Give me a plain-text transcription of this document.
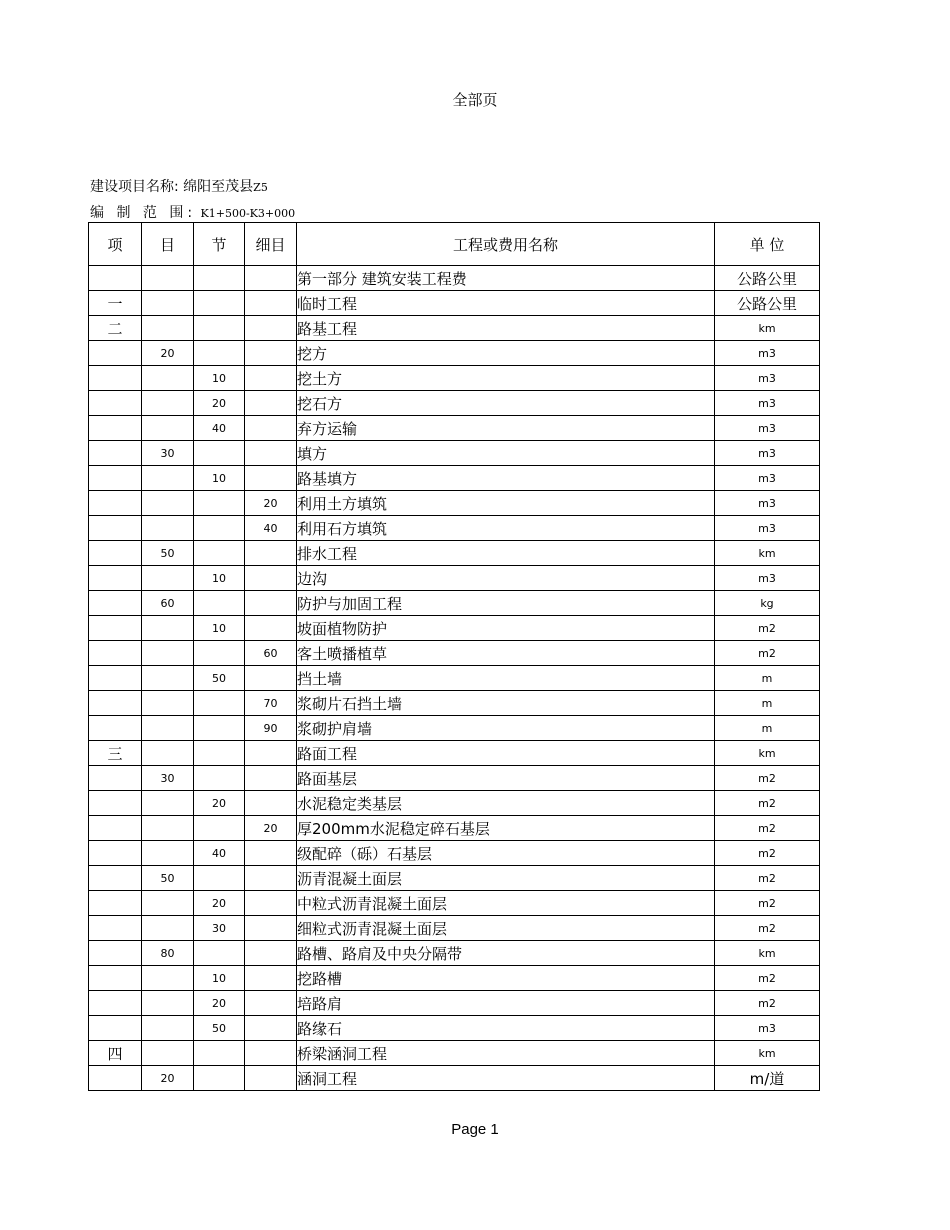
全部页
建设项目名称: 绵阳至茂县Z5
编 制 范 围: K1+500-K3+000
项	目	节	细目	工程或费用名称	单 位
				第一部分 建筑安装工程费	公路公里
一				临时工程	公路公里
二				路基工程	km
	20			挖方	m3
		10		挖土方	m3
		20		挖石方	m3
		40		弃方运输	m3
	30			填方	m3
		10		路基填方	m3
			20	利用土方填筑	m3
			40	利用石方填筑	m3
	50			排水工程	km
		10		边沟	m3
	60			防护与加固工程	kg
		10		坡面植物防护	m2
			60	客土喷播植草	m2
		50		挡土墙	m
			70	浆砌片石挡土墙	m
			90	浆砌护肩墙	m
三				路面工程	km
	30			路面基层	m2
		20		水泥稳定类基层	m2
			20	厚200mm水泥稳定碎石基层	m2
		40		级配碎（砾）石基层	m2
	50			沥青混凝土面层	m2
		20		中粒式沥青混凝土面层	m2
		30		细粒式沥青混凝土面层	m2
	80			路槽、路肩及中央分隔带	km
		10		挖路槽	m2
		20		培路肩	m2
		50		路缘石	m3
四				桥梁涵洞工程	km
	20			涵洞工程	m/道
Page 1
